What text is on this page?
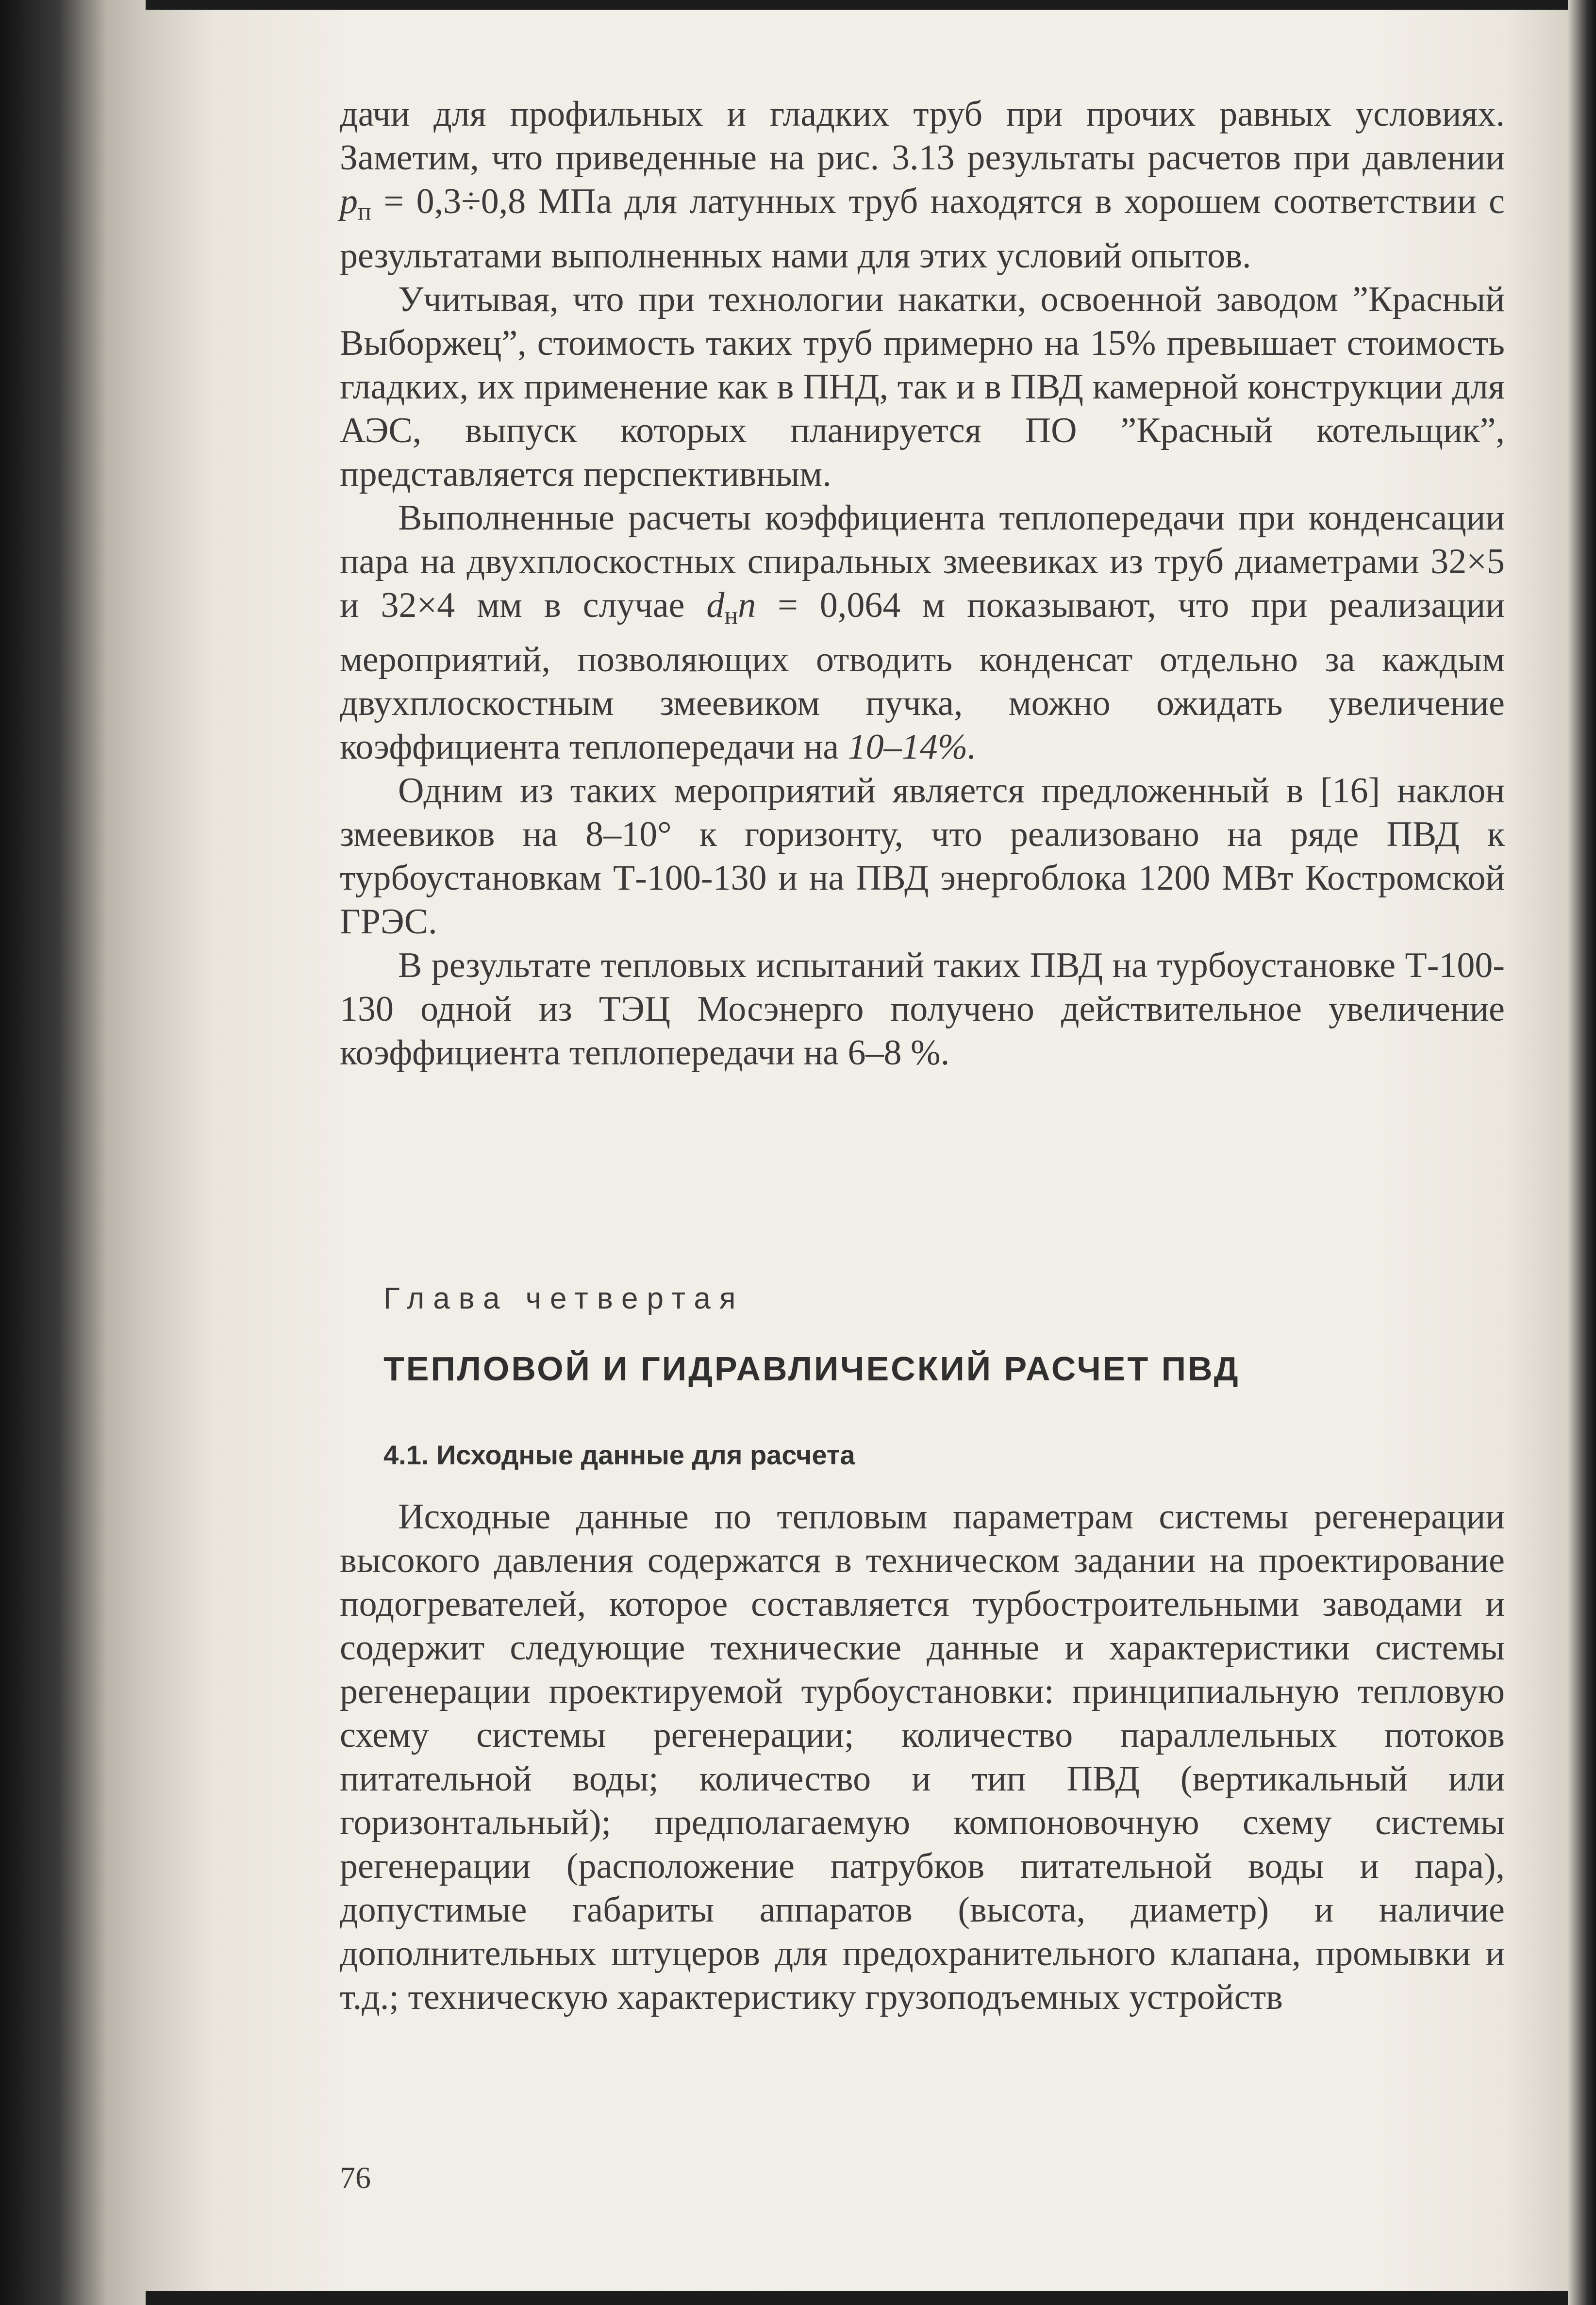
дачи для профильных и гладких труб при прочих равных условиях. Заметим, что приведенные на рис. 3.13 результаты расчетов при давлении $p_п = 0,3\div 0,8$ МПа для латунных труб находятся в хорошем соответствии с результатами выполненных нами для этих условий опытов.

Учитывая, что при технологии накатки, освоенной заводом ”Красный Выборжец”, стоимость таких труб примерно на 15% превышает стоимость гладких, их применение как в ПНД, так и в ПВД камерной конструкции для АЭС, выпуск которых планируется ПО ”Красный котельщик”, представляется перспективным.

Выполненные расчеты коэффициента теплопередачи при конденсации пара на двухплоскостных спиральных змеевиках из труб диаметрами 32×5 и 32×4 мм в случае $d_нn = 0,064$ м показывают, что при реализации мероприятий, позволяющих отводить конденсат отдельно за каждым двухплоскостным змеевиком пучка, можно ожидать увеличение коэффициента теплопередачи на 10–14%.

Одним из таких мероприятий является предложенный в [16] наклон змеевиков на 8–10° к горизонту, что реализовано на ряде ПВД к турбоустановкам Т-100-130 и на ПВД энергоблока 1200 МВт Костромской ГРЭС.

В результате тепловых испытаний таких ПВД на турбоустановке Т-100-130 одной из ТЭЦ Мосэнерго получено действительное увеличение коэффициента теплопередачи на 6–8 %.

Глава четвертая
ТЕПЛОВОЙ И ГИДРАВЛИЧЕСКИЙ РАСЧЕТ ПВД
4.1. Исходные данные для расчета

Исходные данные по тепловым параметрам системы регенерации высокого давления содержатся в техническом задании на проектирование подогревателей, которое составляется турбостроительными заводами и содержит следующие технические данные и характеристики системы регенерации проектируемой турбоустановки: принципиальную тепловую схему системы регенерации; количество параллельных потоков питательной воды; количество и тип ПВД (вертикальный или горизонтальный); предполагаемую компоновочную схему системы регенерации (расположение патрубков питательной воды и пара), допустимые габариты аппаратов (высота, диаметр) и наличие дополнительных штуцеров для предохранительного клапана, промывки и т.д.; техническую характеристику грузоподъемных устройств

76
